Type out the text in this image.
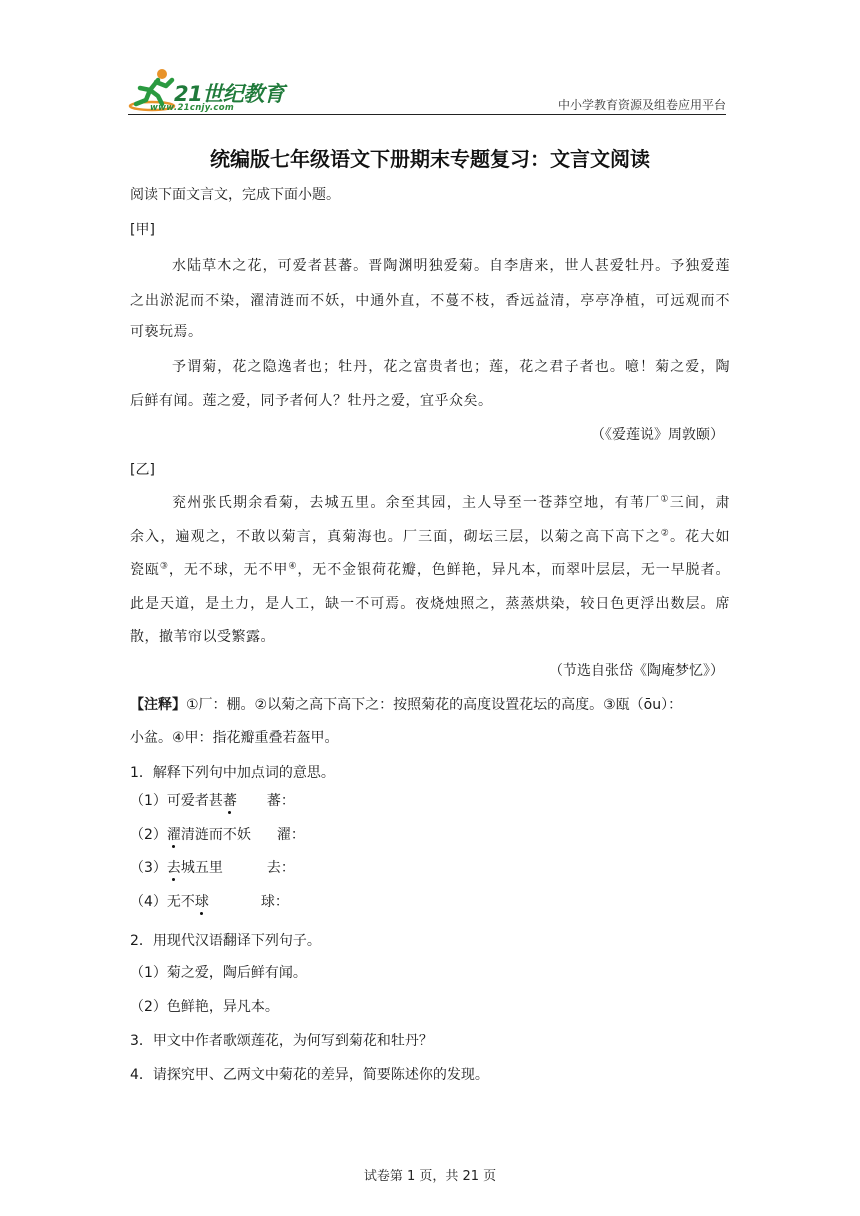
21世纪教育
www.21cnjy.com	中小学教育资源及组卷应用平台
统编版七年级语文下册期末专题复习：文言文阅读
阅读下面文言文，完成下面小题。
[甲]
水陆草木之花，可爱者甚蕃。晋陶渊明独爱菊。自李唐来，世人甚爱牡丹。予独爱莲
之出淤泥而不染，濯清涟而不妖，中通外直，不蔓不枝，香远益清，亭亭净植，可远观而不
可亵玩焉。
予谓菊，花之隐逸者也；牡丹，花之富贵者也；莲，花之君子者也。噫！菊之爱，陶
后鲜有闻。莲之爱，同予者何人？牡丹之爱，宜乎众矣。
（《爱莲说》周敦颐）
[乙]
兖州张氏期余看菊，去城五里。余至其园，主人导至一苍莽空地，有苇厂①三间，肃
余入，遍观之，不敢以菊言，真菊海也。厂三面，砌坛三层，以菊之高下高下之②。花大如
瓷瓯③，无不球，无不甲④，无不金银荷花瓣，色鲜艳，异凡本，而翠叶层层，无一早脱者。
此是天道，是土力，是人工，缺一不可焉。夜烧烛照之，蒸蒸烘染，较日色更浮出数层。席
散，撤苇帘以受繁露。
（节选自张岱《陶庵梦忆》）
【注释】①厂：棚。②以菊之高下高下之：按照菊花的高度设置花坛的高度。③瓯（ōu）：
小盆。④甲：指花瓣重叠若盔甲。
1．解释下列句中加点词的意思。
（1）可爱者甚蕃 蕃：
（2）濯清涟而不妖 濯：
（3）去城五里	去：
（4）无不球	球：
2．用现代汉语翻译下列句子。
（1）菊之爱，陶后鲜有闻。
（2）色鲜艳，异凡本。
3．甲文中作者歌颂莲花，为何写到菊花和牡丹？
4．请探究甲、乙两文中菊花的差异，简要陈述你的发现。
试卷第 1 页，共 21 页
